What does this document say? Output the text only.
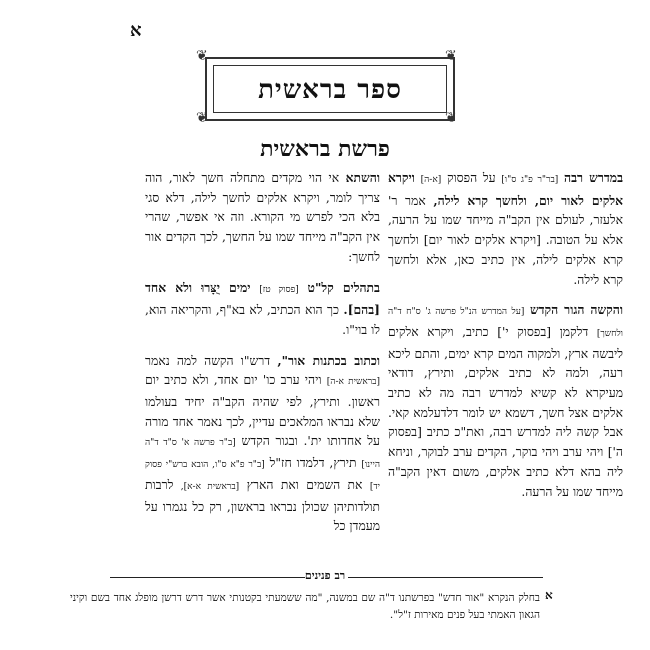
א
ספר בראשית
❦	❦
❦	❦
פרשת בראשית

במדרש רבה [בר"ר פ"ג ס"ו] על הפסוק [א-ה] ויקרא אלקים לאור יום, ולחשך קרא לילה, אמר ר' אלעזר, לעולם אין הקב"ה מייחד שמו על הרעה, אלא על הטובה. [ויקרא אלקים לאור יום] ולחשך קרא אלקים לילה, אין כתיב כאן, אלא ולחשך קרא לילה.

והקשה הגור הקדש [על המדרש הנ"ל פרשה ג' ס"ח ד"ה ולחשך] דלקמן [בפסוק י'] כתיב, ויקרא אלקים ליבשה ארץ, ולמקוה המים קרא ימים, והתם ליכא רעה, ולמה לא כתיב אלקים, ותירץ, דודאי מעיקרא לא קשיא למדרש רבה מה לא כתיב אלקים אצל חשך, דשמא יש לומר דלדעלמא קאי. אבל קשה ליה למדרש רבה, ואת"כ כתיב [בפסוק ה'] ויהי ערב ויהי בוקר, הקדים ערב לבוקר, וניחא ליה בהא דלא כתיב אלקים, משום דאין הקב"ה מייחד שמו על הרעה.

והשתא אי הוי מקדים מתחלה חשך לאור, הוה צריך לומר, ויקרא אלקים לחשך לילה, דלא סגי בלא הכי לפרש מי הקורא. וזה אי אפשר, שהרי אין הקב"ה מייחד שמו על החשך, לכך הקדים אור לחשך:

בתהלים קל"ט [פסוק טז] ימים יֻצָּרוּ ולא אחד [בהם]. כך הוא הכתיב, לא בא"ף, והקריאה הוא, לו בוי"ו.

וכתוב בכתנות אור", דרש"ו הקשה למה נאמר [בראשית א-ה] ויהי ערב כו' יום אחד, ולא כתיב יום ראשון. ותירץ, לפי שהיה הקב"ה יחיד בעולמו שלא נבראו המלאכים עדיין, לכך נאמר אחד מורה על אחדותו ית'. ובגור הקדש [ב"ר פרשה א' ס"ד ד"ה היינו] תירץ, דלמדו חז"ל [ב"ר פ"א ס"ו, הובא ברש"י פסוק יד] את השמים ואת הארץ [בראשית א-א], לרבות תולדותיהן שכולן נבראו בראשון, רק כל נגמרו על מעמדן כל

רב פנינים
א
בחלק הנקרא "אור חדש" בפרשתנו ד"ה שם במשנה, "מה ששמעתי בקטנותי אשר דרש דרשן מופלג אחד בשם וקיני הגאון האמתי בעל פנים מאירות ז"ל".
